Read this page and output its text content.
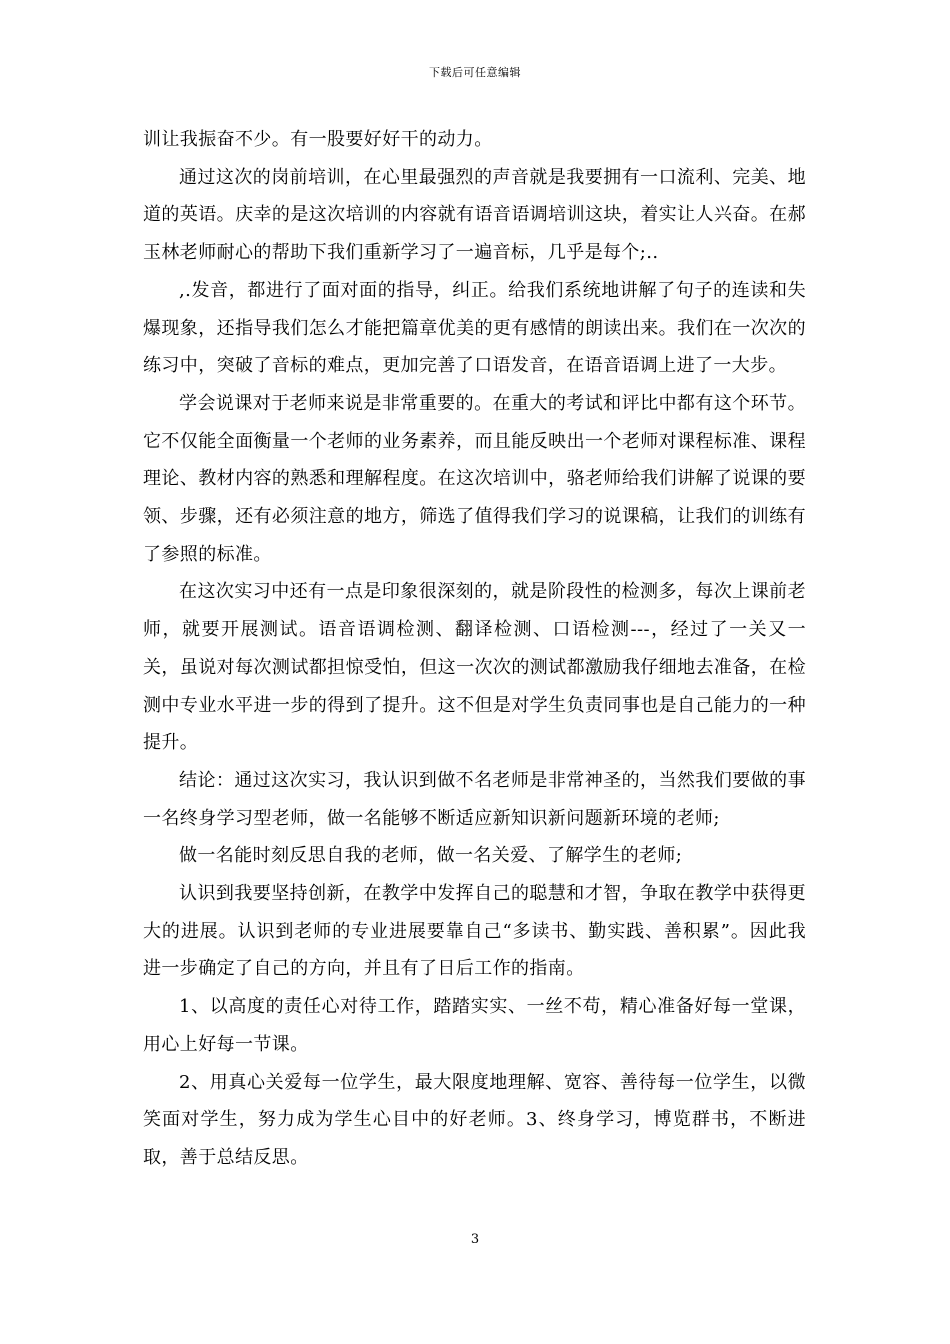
下载后可任意编辑

训让我振奋不少。有一股要好好干的动力。

通过这次的岗前培训，在心里最强烈的声音就是我要拥有一口流利、完美、地道的英语。庆幸的是这次培训的内容就有语音语调培训这块，着实让人兴奋。在郝玉林老师耐心的帮助下我们重新学习了一遍音标，几乎是每个;..

,.发音，都进行了面对面的指导，纠正。给我们系统地讲解了句子的连读和失爆现象，还指导我们怎么才能把篇章优美的更有感情的朗读出来。我们在一次次的练习中，突破了音标的难点，更加完善了口语发音，在语音语调上进了一大步。

学会说课对于老师来说是非常重要的。在重大的考试和评比中都有这个环节。它不仅能全面衡量一个老师的业务素养，而且能反映出一个老师对课程标准、课程理论、教材内容的熟悉和理解程度。在这次培训中，骆老师给我们讲解了说课的要领、步骤，还有必须注意的地方，筛选了值得我们学习的说课稿，让我们的训练有了参照的标准。

在这次实习中还有一点是印象很深刻的，就是阶段性的检测多，每次上课前老师，就要开展测试。语音语调检测、翻译检测、口语检测---，经过了一关又一关，虽说对每次测试都担惊受怕，但这一次次的测试都激励我仔细地去准备，在检测中专业水平进一步的得到了提升。这不但是对学生负责同事也是自己能力的一种提升。

结论：通过这次实习，我认识到做不名老师是非常神圣的，当然我们要做的事一名终身学习型老师，做一名能够不断适应新知识新问题新环境的老师;

做一名能时刻反思自我的老师，做一名关爱、了解学生的老师;

认识到我要坚持创新，在教学中发挥自己的聪慧和才智，争取在教学中获得更大的进展。认识到老师的专业进展要靠自己“多读书、勤实践、善积累”。因此我进一步确定了自己的方向，并且有了日后工作的指南。

1、以高度的责任心对待工作，踏踏实实、一丝不苟，精心准备好每一堂课，用心上好每一节课。

2、用真心关爱每一位学生，最大限度地理解、宽容、善待每一位学生，以微笑面对学生，努力成为学生心目中的好老师。3、终身学习，博览群书，不断进取，善于总结反思。

3
